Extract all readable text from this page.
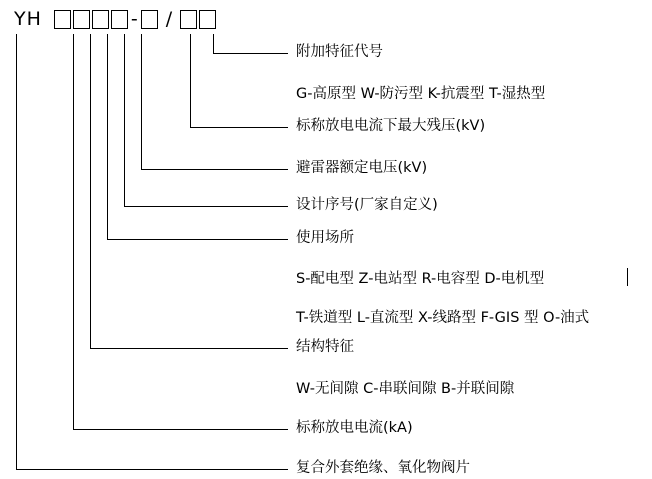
YH	- /
附加特征代号
G-高原型 W-防污型 K-抗震型 T-湿热型
标称放电电流下最大残压(kV)
避雷器额定电压(kV)
设计序号(厂家自定义)
使用场所
S-配电型 Z-电站型 R-电容型 D-电机型
T-铁道型 L-直流型 X-线路型 F-GIS 型 O-油式
结构特征
W-无间隙 C-串联间隙 B-并联间隙
标称放电电流(kA)
复合外套绝缘、氧化物阀片
